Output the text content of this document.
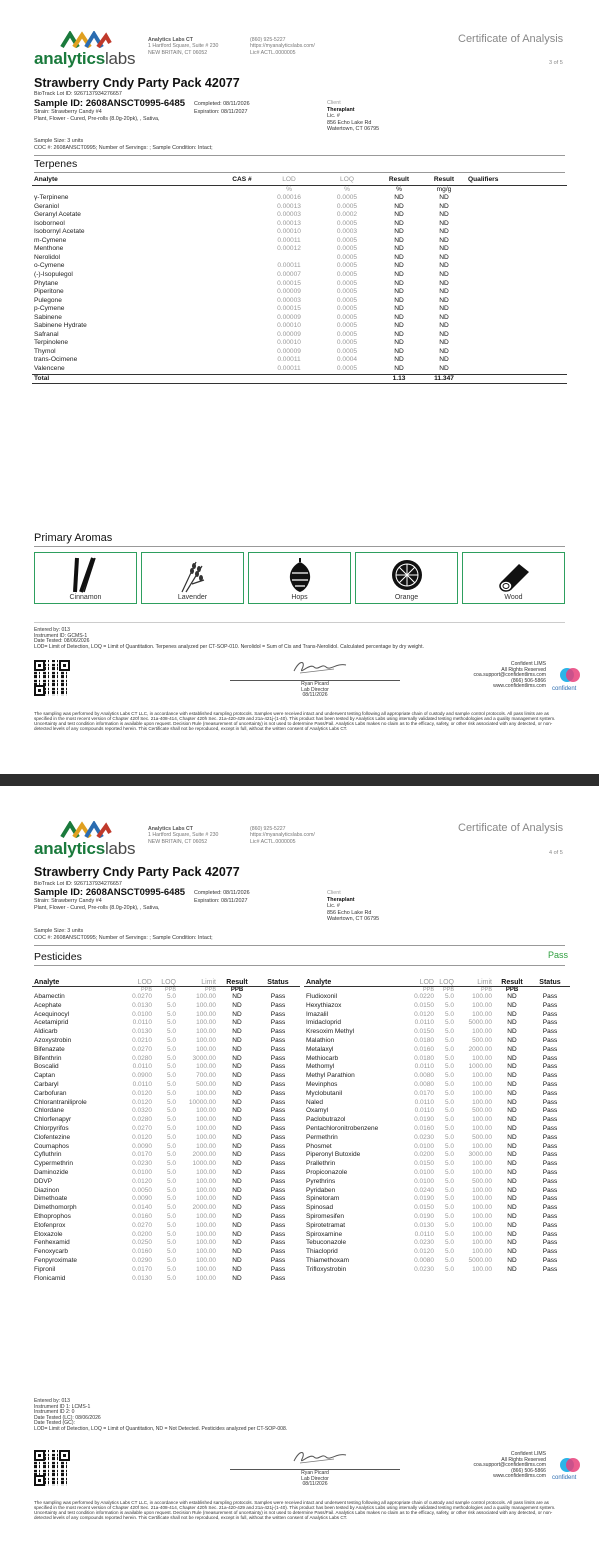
analyticslabs
Analytics Labs CT
1 Hartford Square, Suite # 230
NEW BRITAIN, CT 06052
(860) 925-5227
https://myanalyticslabs.com/
Lic# ACTL.0000005
Certificate of Analysis
3 of 5
Strawberry Cndy Party Pack 42077
BioTrack Lot ID: 9267137934276657
Sample ID: 2608ANSCT0995-6485 Completed: 08/11/2026
Strain: Strawberry Candy #4	Expiration: 08/11/2027
Plant, Flower - Cured, Pre-rolls (8.0g-20pk), , Sativa,
Client
Theraplant
Lic. #
856 Echo Lake Rd
Watertown, CT 06795
Sample Size: 3 units
COC #: 2608ANSCT0995; Number of Servings: ; Sample Condition: Intact;
Terpenes
Analyte	CAS #	LOD	LOQ	Result	Result	Qualifiers
		%	%	%	mg/g	
γ-Terpinene		0.00016	0.0005	ND	ND	
Geraniol		0.00013	0.0005	ND	ND	
Geranyl Acetate		0.00003	0.0002	ND	ND	
Isoborneol		0.00013	0.0005	ND	ND	
Isobornyl Acetate		0.00010	0.0003	ND	ND	
m-Cymene		0.00011	0.0005	ND	ND	
Menthone		0.00012	0.0005	ND	ND	
Nerolidol			0.0005	ND	ND	
o-Cymene		0.00011	0.0005	ND	ND	
(-)-Isopulegol		0.00007	0.0005	ND	ND	
Phytane		0.00015	0.0005	ND	ND	
Piperitone		0.00009	0.0005	ND	ND	
Pulegone		0.00003	0.0005	ND	ND	
p-Cymene		0.00015	0.0005	ND	ND	
Sabinene		0.00009	0.0005	ND	ND	
Sabinene Hydrate		0.00010	0.0005	ND	ND	
Safranal		0.00009	0.0005	ND	ND	
Terpinolene		0.00010	0.0005	ND	ND	
Thymol		0.00009	0.0005	ND	ND	
trans-Ocimene		0.00011	0.0004	ND	ND	
Valencene		0.00011	0.0005	ND	ND	
Total				1.13	11.347	
Primary Aromas
Cinnamon	Lavender	Hops	Orange	Wood
Entered by: 013
Instrument ID: GCMS-1
Date Tested: 08/06/2026
LOD= Limit of Detection, LOQ = Limit of Quantitation. Terpenes analyzed per CT-SOP-010. Nerolidol = Sum of Cis and Trans-Nerolidol. Calculated percentage by dry weight.
Ryan Picard
Lab Director
08/11/2026
Confident LIMS
All Rights Reserved
coa.support@confidentlims.com
(866) 506-5866
www.confidentlims.com confident
The sampling was performed by Analytics Labs CT LLC, in accordance with established sampling protocols. Samples were received intact and underwent testing following all appropriate chain of custody and sample control protocols. All pass limits are as specified in the most recent version of Chapter 420f Sec. 21a-408-414, Chapter 420h Sec. 21a-420-429 and 21a-421j-(1-40). This product has been tested by Analytics Labs using internally validated testing methodologies and a quality management system. Uncertainty and test condition information is available upon request. Decision Rule (measurement of uncertainty) is not used to determine Pass/Fail. Analytics Labs makes no claim as to the efficacy, safety, or other risk associated with any detected, or non-detected levels of any compounds reported herein. This Certificate shall not be reproduced, except in full, without the written consent of Analytics Labs CT.
analyticslabs
Analytics Labs CT
1 Hartford Square, Suite # 230
NEW BRITAIN, CT 06052
(860) 925-5227
https://myanalyticslabs.com/
Lic# ACTL.0000005
Certificate of Analysis
4 of 5
Strawberry Cndy Party Pack 42077
BioTrack Lot ID: 9267137934276657
Sample ID: 2608ANSCT0995-6485 Completed: 08/11/2026
Strain: Strawberry Candy #4	Expiration: 08/11/2027
Plant, Flower - Cured, Pre-rolls (8.0g-20pk), , Sativa,
Client
Theraplant
Lic. #
856 Echo Lake Rd
Watertown, CT 06795
Sample Size: 3 units
COC #: 2608ANSCT0995; Number of Servings: ; Sample Condition: Intact;
Pesticides	Pass
Analyte	LOD	LOQ	Limit	Result	Status
	PPB	PPB	PPB	PPB	
Abamectin	0.0270	5.0	100.00	ND	Pass
Acephate	0.0130	5.0	100.00	ND	Pass
Acequinocyl	0.0100	5.0	100.00	ND	Pass
Acetamiprid	0.0110	5.0	100.00	ND	Pass
Aldicarb	0.0130	5.0	100.00	ND	Pass
Azoxystrobin	0.0210	5.0	100.00	ND	Pass
Bifenazate	0.0270	5.0	100.00	ND	Pass
Bifenthrin	0.0280	5.0	3000.00	ND	Pass
Boscalid	0.0110	5.0	100.00	ND	Pass
Captan	0.0900	5.0	700.00	ND	Pass
Carbaryl	0.0110	5.0	500.00	ND	Pass
Carbofuran	0.0120	5.0	100.00	ND	Pass
Chlorantraniliprole	0.0120	5.0	10000.00	ND	Pass
Chlordane	0.0320	5.0	100.00	ND	Pass
Chlorfenapyr	0.0280	5.0	100.00	ND	Pass
Chlorpyrifos	0.0270	5.0	100.00	ND	Pass
Clofentezine	0.0120	5.0	100.00	ND	Pass
Coumaphos	0.0090	5.0	100.00	ND	Pass
Cyfluthrin	0.0170	5.0	2000.00	ND	Pass
Cypermethrin	0.0230	5.0	1000.00	ND	Pass
Daminozide	0.0100	5.0	100.00	ND	Pass
DDVP	0.0120	5.0	100.00	ND	Pass
Diazinon	0.0050	5.0	100.00	ND	Pass
Dimethoate	0.0090	5.0	100.00	ND	Pass
Dimethomorph	0.0140	5.0	2000.00	ND	Pass
Ethoprophos	0.0160	5.0	100.00	ND	Pass
Etofenprox	0.0270	5.0	100.00	ND	Pass
Etoxazole	0.0200	5.0	100.00	ND	Pass
Fenhexamid	0.0250	5.0	100.00	ND	Pass
Fenoxycarb	0.0160	5.0	100.00	ND	Pass
Fenpyroximate	0.0290	5.0	100.00	ND	Pass
Fipronil	0.0170	5.0	100.00	ND	Pass
Flonicamid	0.0130	5.0	100.00	ND	Pass
Analyte	LOD	LOQ	Limit	Result	Status
	PPB	PPB	PPB	PPB	
Fludioxonil	0.0220	5.0	100.00	ND	Pass
Hexythiazox	0.0150	5.0	100.00	ND	Pass
Imazalil	0.0120	5.0	100.00	ND	Pass
Imidacloprid	0.0110	5.0	5000.00	ND	Pass
Kresoxim Methyl	0.0150	5.0	100.00	ND	Pass
Malathion	0.0180	5.0	500.00	ND	Pass
Metalaxyl	0.0160	5.0	2000.00	ND	Pass
Methiocarb	0.0180	5.0	100.00	ND	Pass
Methomyl	0.0110	5.0	1000.00	ND	Pass
Methyl Parathion	0.0080	5.0	100.00	ND	Pass
Mevinphos	0.0080	5.0	100.00	ND	Pass
Myclobutanil	0.0170	5.0	100.00	ND	Pass
Naled	0.0110	5.0	100.00	ND	Pass
Oxamyl	0.0110	5.0	500.00	ND	Pass
Paclobutrazol	0.0190	5.0	100.00	ND	Pass
Pentachloronitrobenzene	0.0160	5.0	100.00	ND	Pass
Permethrin	0.0230	5.0	500.00	ND	Pass
Phosmet	0.0100	5.0	100.00	ND	Pass
Piperonyl Butoxide	0.0200	5.0	3000.00	ND	Pass
Prallethrin	0.0150	5.0	100.00	ND	Pass
Propiconazole	0.0100	5.0	100.00	ND	Pass
Pyrethrins	0.0100	5.0	500.00	ND	Pass
Pyridaben	0.0240	5.0	100.00	ND	Pass
Spinetoram	0.0190	5.0	100.00	ND	Pass
Spinosad	0.0150	5.0	100.00	ND	Pass
Spiromesifen	0.0190	5.0	100.00	ND	Pass
Spirotetramat	0.0130	5.0	100.00	ND	Pass
Spiroxamine	0.0110	5.0	100.00	ND	Pass
Tebuconazole	0.0230	5.0	100.00	ND	Pass
Thiacloprid	0.0120	5.0	100.00	ND	Pass
Thiamethoxam	0.0080	5.0	5000.00	ND	Pass
Trifloxystrobin	0.0230	5.0	100.00	ND	Pass
Entered by: 013
Instrument ID 1: LCMS-1
Instrument ID 2: 0
Date Tested (LC): 08/06/2026
Date Tested (GC):
LOD= Limit of Detection, LOQ = Limit of Quantitation, ND = Not Detected. Pesticides analyzed per CT-SOP-008.
Ryan Picard
Lab Director
08/11/2026
Confident LIMS
All Rights Reserved
coa.support@confidentlims.com
(866) 506-5866
www.confidentlims.com confident
The sampling was performed by Analytics Labs CT LLC, in accordance with established sampling protocols. Samples were received intact and underwent testing following all appropriate chain of custody and sample control protocols. All pass limits are as specified in the most recent version of Chapter 420f Sec. 21a-408-414, Chapter 420h Sec. 21a-420-429 and 21a-421j-(1-40). This product has been tested by Analytics Labs using internally validated testing methodologies and a quality management system. Uncertainty and test condition information is available upon request. Decision Rule (measurement of uncertainty) is not used to determine Pass/Fail. Analytics Labs makes no claim as to the efficacy, safety, or other risk associated with any detected, or non-detected levels of any compounds reported herein. This Certificate shall not be reproduced, except in full, without the written consent of Analytics Labs CT.
